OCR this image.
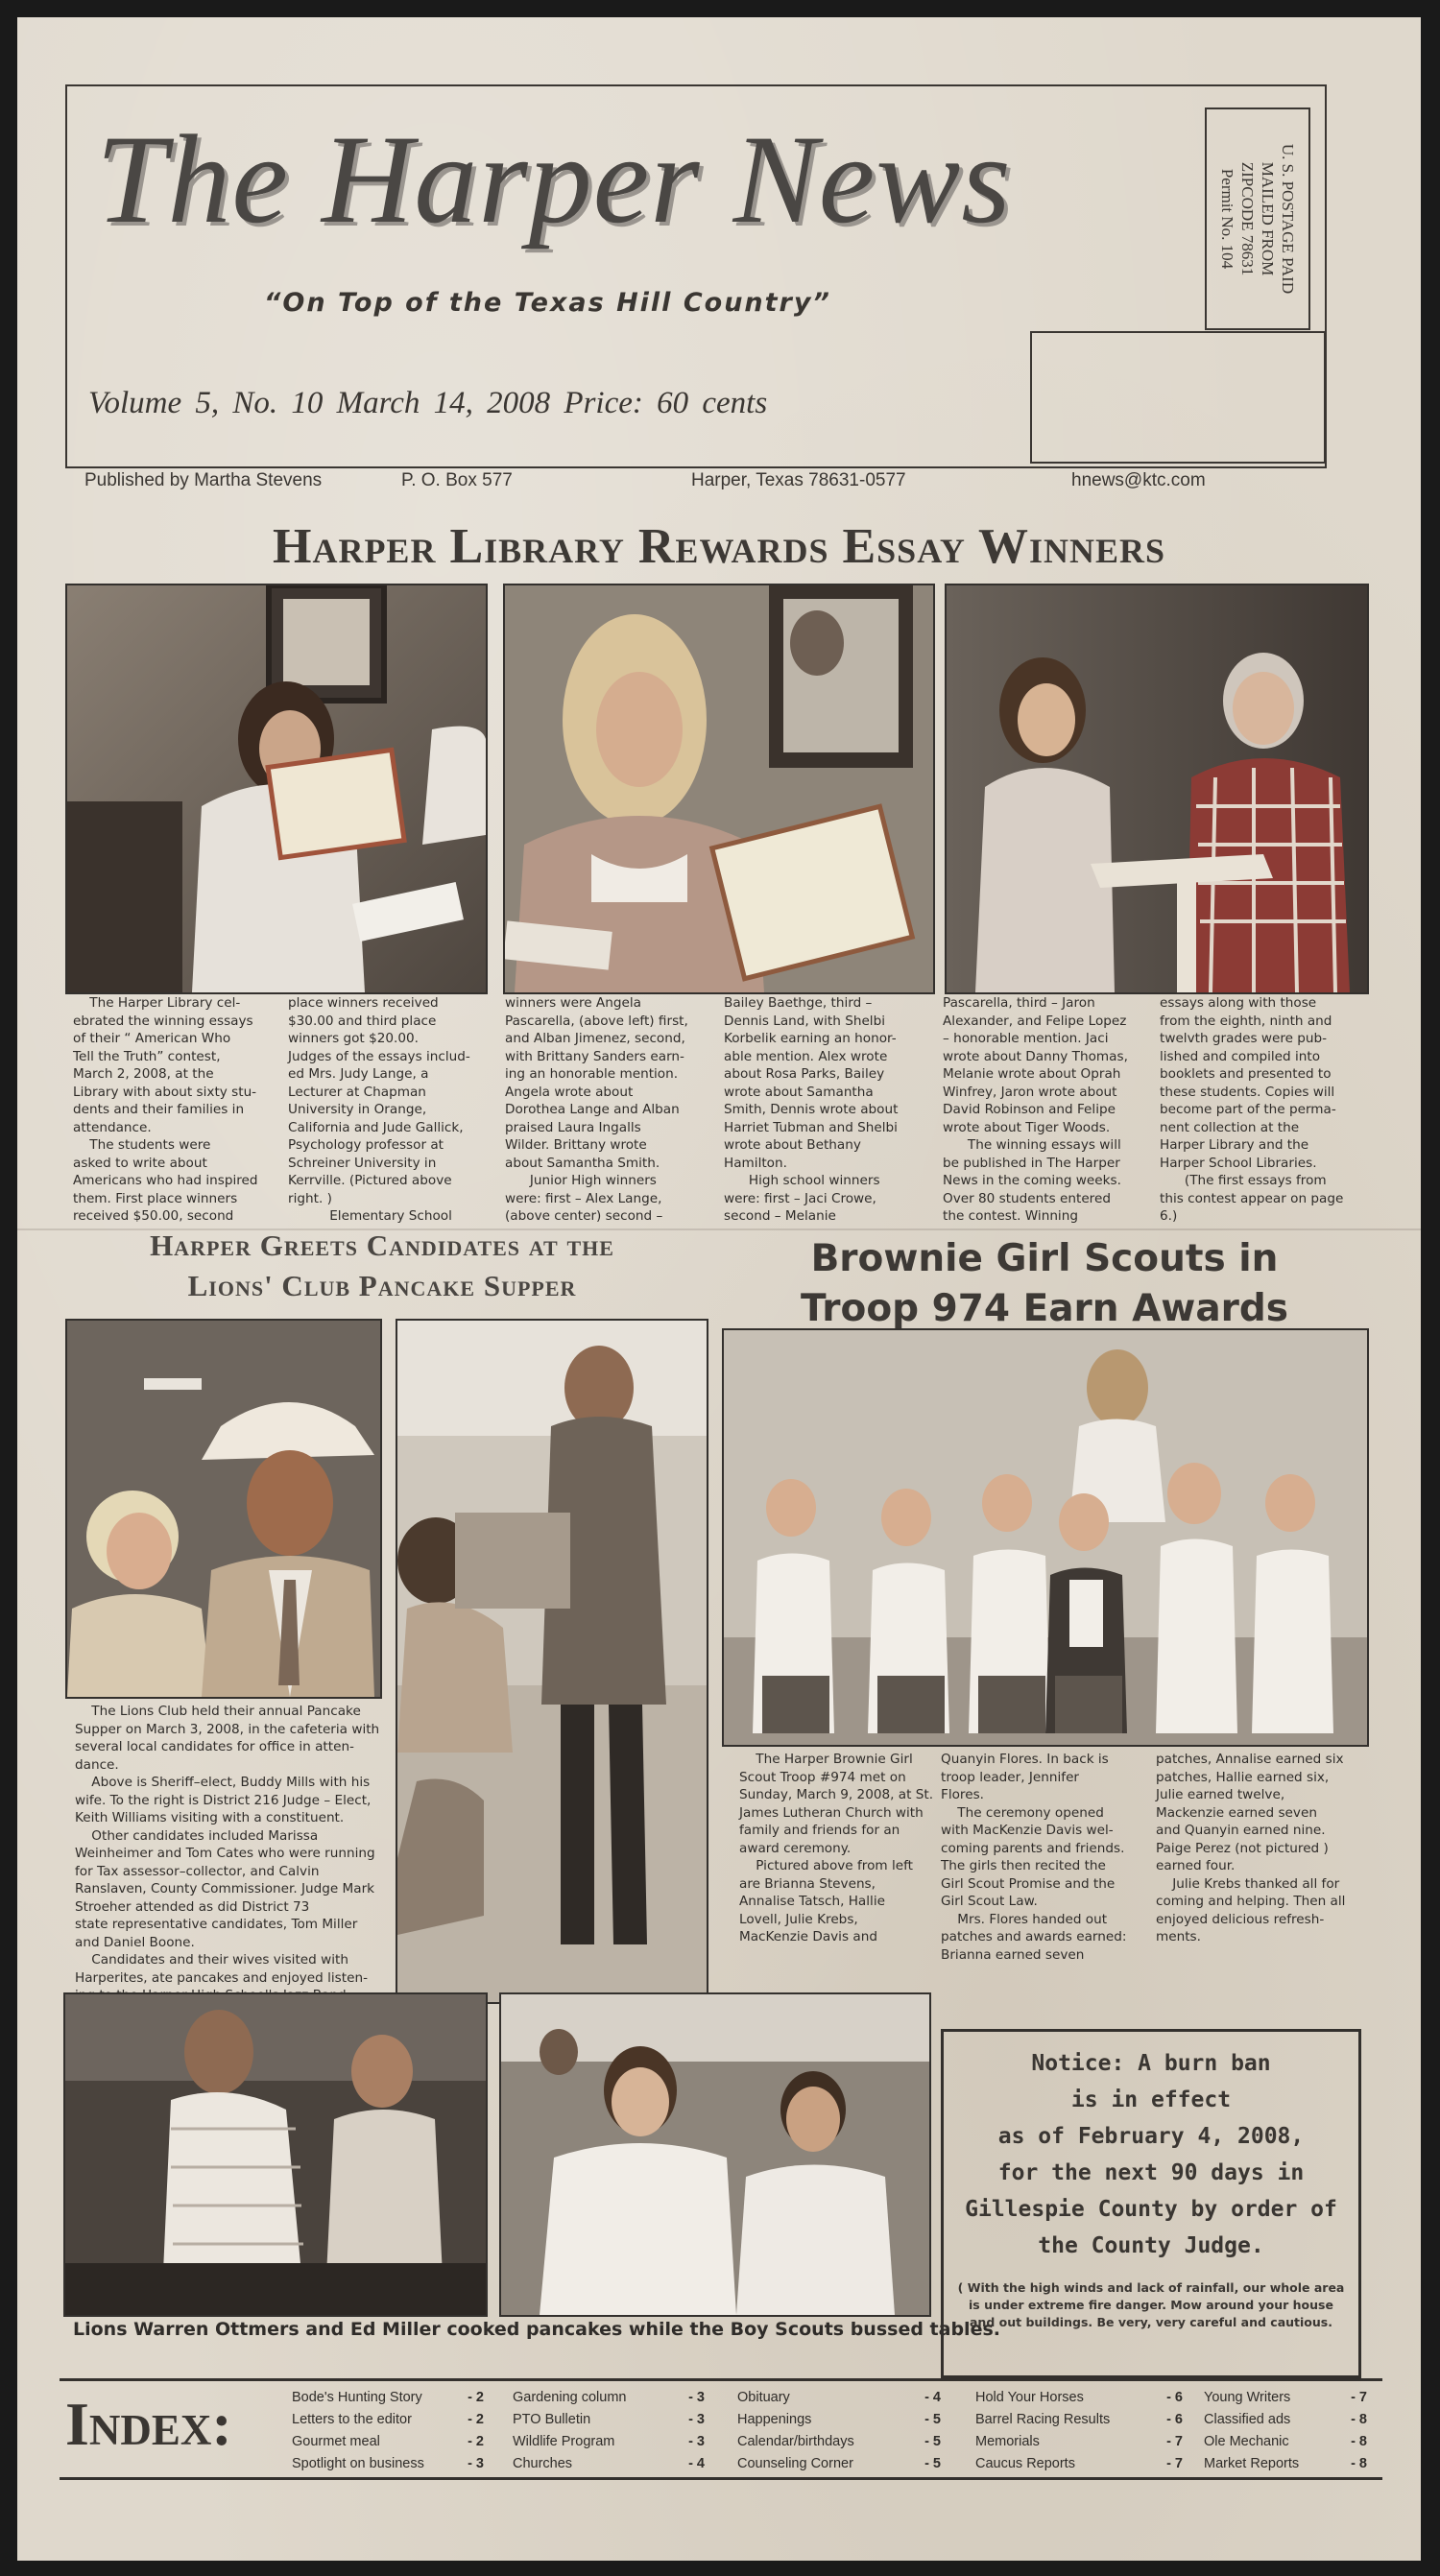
The Harper News
“On Top of the Texas Hill Country”
Volume 5, No. 10 March 14, 2008 Price: 60 cents
U. S. POSTAGE PAID
MAILED FROM
ZIPCODE 78631
Permit No. 104
Published by Martha Stevens	P. O. Box 577	Harper, Texas 78631-0577	hnews@ktc.com
Harper Library Rewards Essay Winners
The Harper Library cel-
ebrated the winning essays
of their “ American Who
Tell the Truth” contest,
March 2, 2008, at the
Library with about sixty stu-
dents and their families in
attendance.
The students were
asked to write about
Americans who had inspired
them. First place winners
received $50.00, second
place winners received
$30.00 and third place
winners got $20.00.
Judges of the essays includ-
ed Mrs. Judy Lange, a
Lecturer at Chapman
University in Orange,
California and Jude Gallick,
Psychology professor at
Schreiner University in
Kerrville. (Pictured above
right. )
Elementary School
winners were Angela
Pascarella, (above left) first,
and Alban Jimenez, second,
with Brittany Sanders earn-
ing an honorable mention.
Angela wrote about
Dorothea Lange and Alban
praised Laura Ingalls
Wilder. Brittany wrote
about Samantha Smith.
Junior High winners
were: first – Alex Lange,
(above center) second –
Bailey Baethge, third –
Dennis Land, with Shelbi
Korbelik earning an honor-
able mention. Alex wrote
about Rosa Parks, Bailey
wrote about Samantha
Smith, Dennis wrote about
Harriet Tubman and Shelbi
wrote about Bethany
Hamilton.
High school winners
were: first – Jaci Crowe,
second – Melanie
Pascarella, third – Jaron
Alexander, and Felipe Lopez
– honorable mention. Jaci
wrote about Danny Thomas,
Melanie wrote about Oprah
Winfrey, Jaron wrote about
David Robinson and Felipe
wrote about Tiger Woods.
The winning essays will
be published in The Harper
News in the coming weeks.
Over 80 students entered
the contest. Winning
essays along with those
from the eighth, ninth and
twelvth grades were pub-
lished and compiled into
booklets and presented to
these students. Copies will
become part of the perma-
nent collection at the
Harper Library and the
Harper School Libraries.
(The first essays from
this contest appear on page
6.)
Harper Greets Candidates at the
Lions' Club Pancake Supper
Brownie Girl Scouts in
Troop 974 Earn Awards
The Lions Club held their annual Pancake
Supper on March 3, 2008, in the cafeteria with
several local candidates for office in atten-
dance.
Above is Sheriff–elect, Buddy Mills with his
wife. To the right is District 216 Judge – Elect,
Keith Williams visiting with a constituent.
Other candidates included Marissa
Weinheimer and Tom Cates who were running
for Tax assessor–collector, and Calvin
Ranslaven, County Commissioner. Judge Mark
Stroeher attended as did District 73
state representative candidates, Tom Miller
and Daniel Boone.
Candidates and their wives visited with
Harperites, ate pancakes and enjoyed listen-
The Harper Brownie Girl
Scout Troop #974 met on
Sunday, March 9, 2008, at St.
James Lutheran Church with
family and friends for an
award ceremony.
Pictured above from left
are Brianna Stevens,
Annalise Tatsch, Hallie
Lovell, Julie Krebs,
MacKenzie Davis and
Quanyin Flores. In back is
troop leader, Jennifer
Flores.
The ceremony opened
with MacKenzie Davis wel-
coming parents and friends.
The girls then recited the
Girl Scout Promise and the
Girl Scout Law.
Mrs. Flores handed out
patches and awards earned:
Brianna earned seven
patches, Annalise earned six
patches, Hallie earned six,
Julie earned twelve,
Mackenzie earned seven
and Quanyin earned nine.
Paige Perez (not pictured )
earned four.
Julie Krebs thanked all for
coming and helping. Then all
enjoyed delicious refresh-
ments.
Lions Warren Ottmers and Ed Miller cooked pancakes while the Boy Scouts bussed tables.
Notice: A burn ban
is in effect
as of February 4, 2008,
for the next 90 days in
Gillespie County by order of
the County Judge.
( With the high winds and lack of rainfall, our whole area
is under extreme fire danger. Mow around your house
and out buildings. Be very, very careful and cautious.
Index:	Bode's Hunting Story	- 2
Letters to the editor	- 2
Gourmet meal	- 2
Spotlight on business	- 3
Gardening column	- 3
PTO Bulletin	- 3
Wildlife Program	- 3
Churches	- 4
Obituary	- 4
Happenings	- 5
Calendar/birthdays	- 5
Counseling Corner	- 5
Hold Your Horses	- 6
Barrel Racing Results	- 6
Memorials	- 7
Caucus Reports	- 7
Young Writers	- 7
Classified ads	- 8
Ole Mechanic	- 8
Market Reports	- 8
